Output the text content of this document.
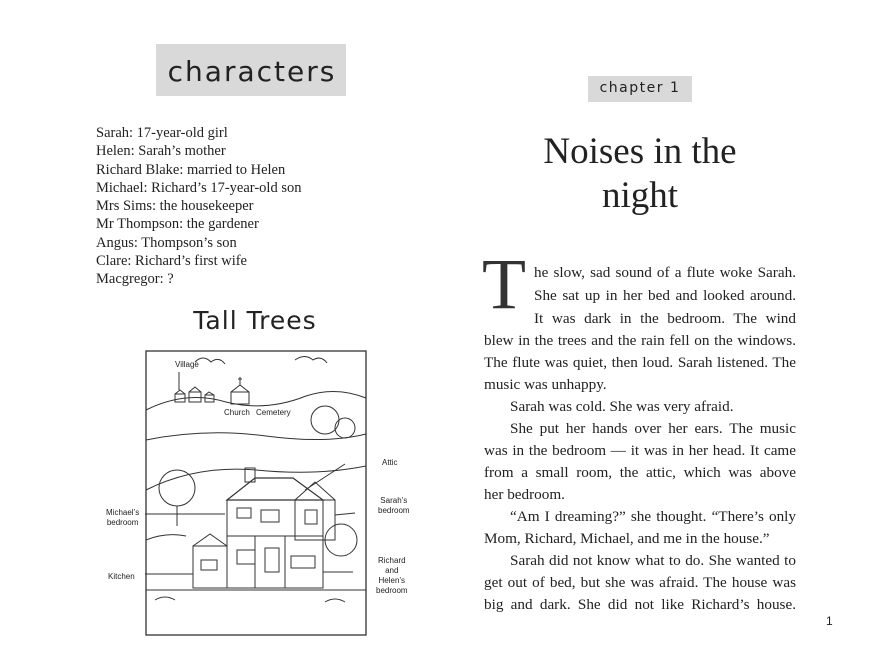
characters
Sarah: 17-year-old girl
Helen: Sarah’s mother
Richard Blake: married to Helen
Michael: Richard’s 17-year-old son
Mrs Sims: the housekeeper
Mr Thompson: the gardener
Angus: Thompson’s son
Clare: Richard’s first wife
Macgregor: ?
Tall Trees
Village
Church Cemetery
Attic
Sarah’s
bedroom
Michael’s
bedroom
Kitchen
Richard
and
Helen’s
bedroom
chapter 1
Noises in the
night
T he slow, sad sound of a flute woke Sarah.
She sat up in her bed and looked around.
It was dark in the bedroom. The wind
blew in the trees and the rain fell on the windows.
The flute was quiet, then loud. Sarah listened. The
music was unhappy.
Sarah was cold. She was very afraid.
She put her hands over her ears. The music
was in the bedroom — it was in her head. It came
from a small room, the attic, which was above
her bedroom.
“Am I dreaming?” she thought. “There’s only
Mom, Richard, Michael, and me in the house.”
Sarah did not know what to do. She wanted to
get out of bed, but she was afraid. The house was
big and dark. She did not like Richard’s house.
1
